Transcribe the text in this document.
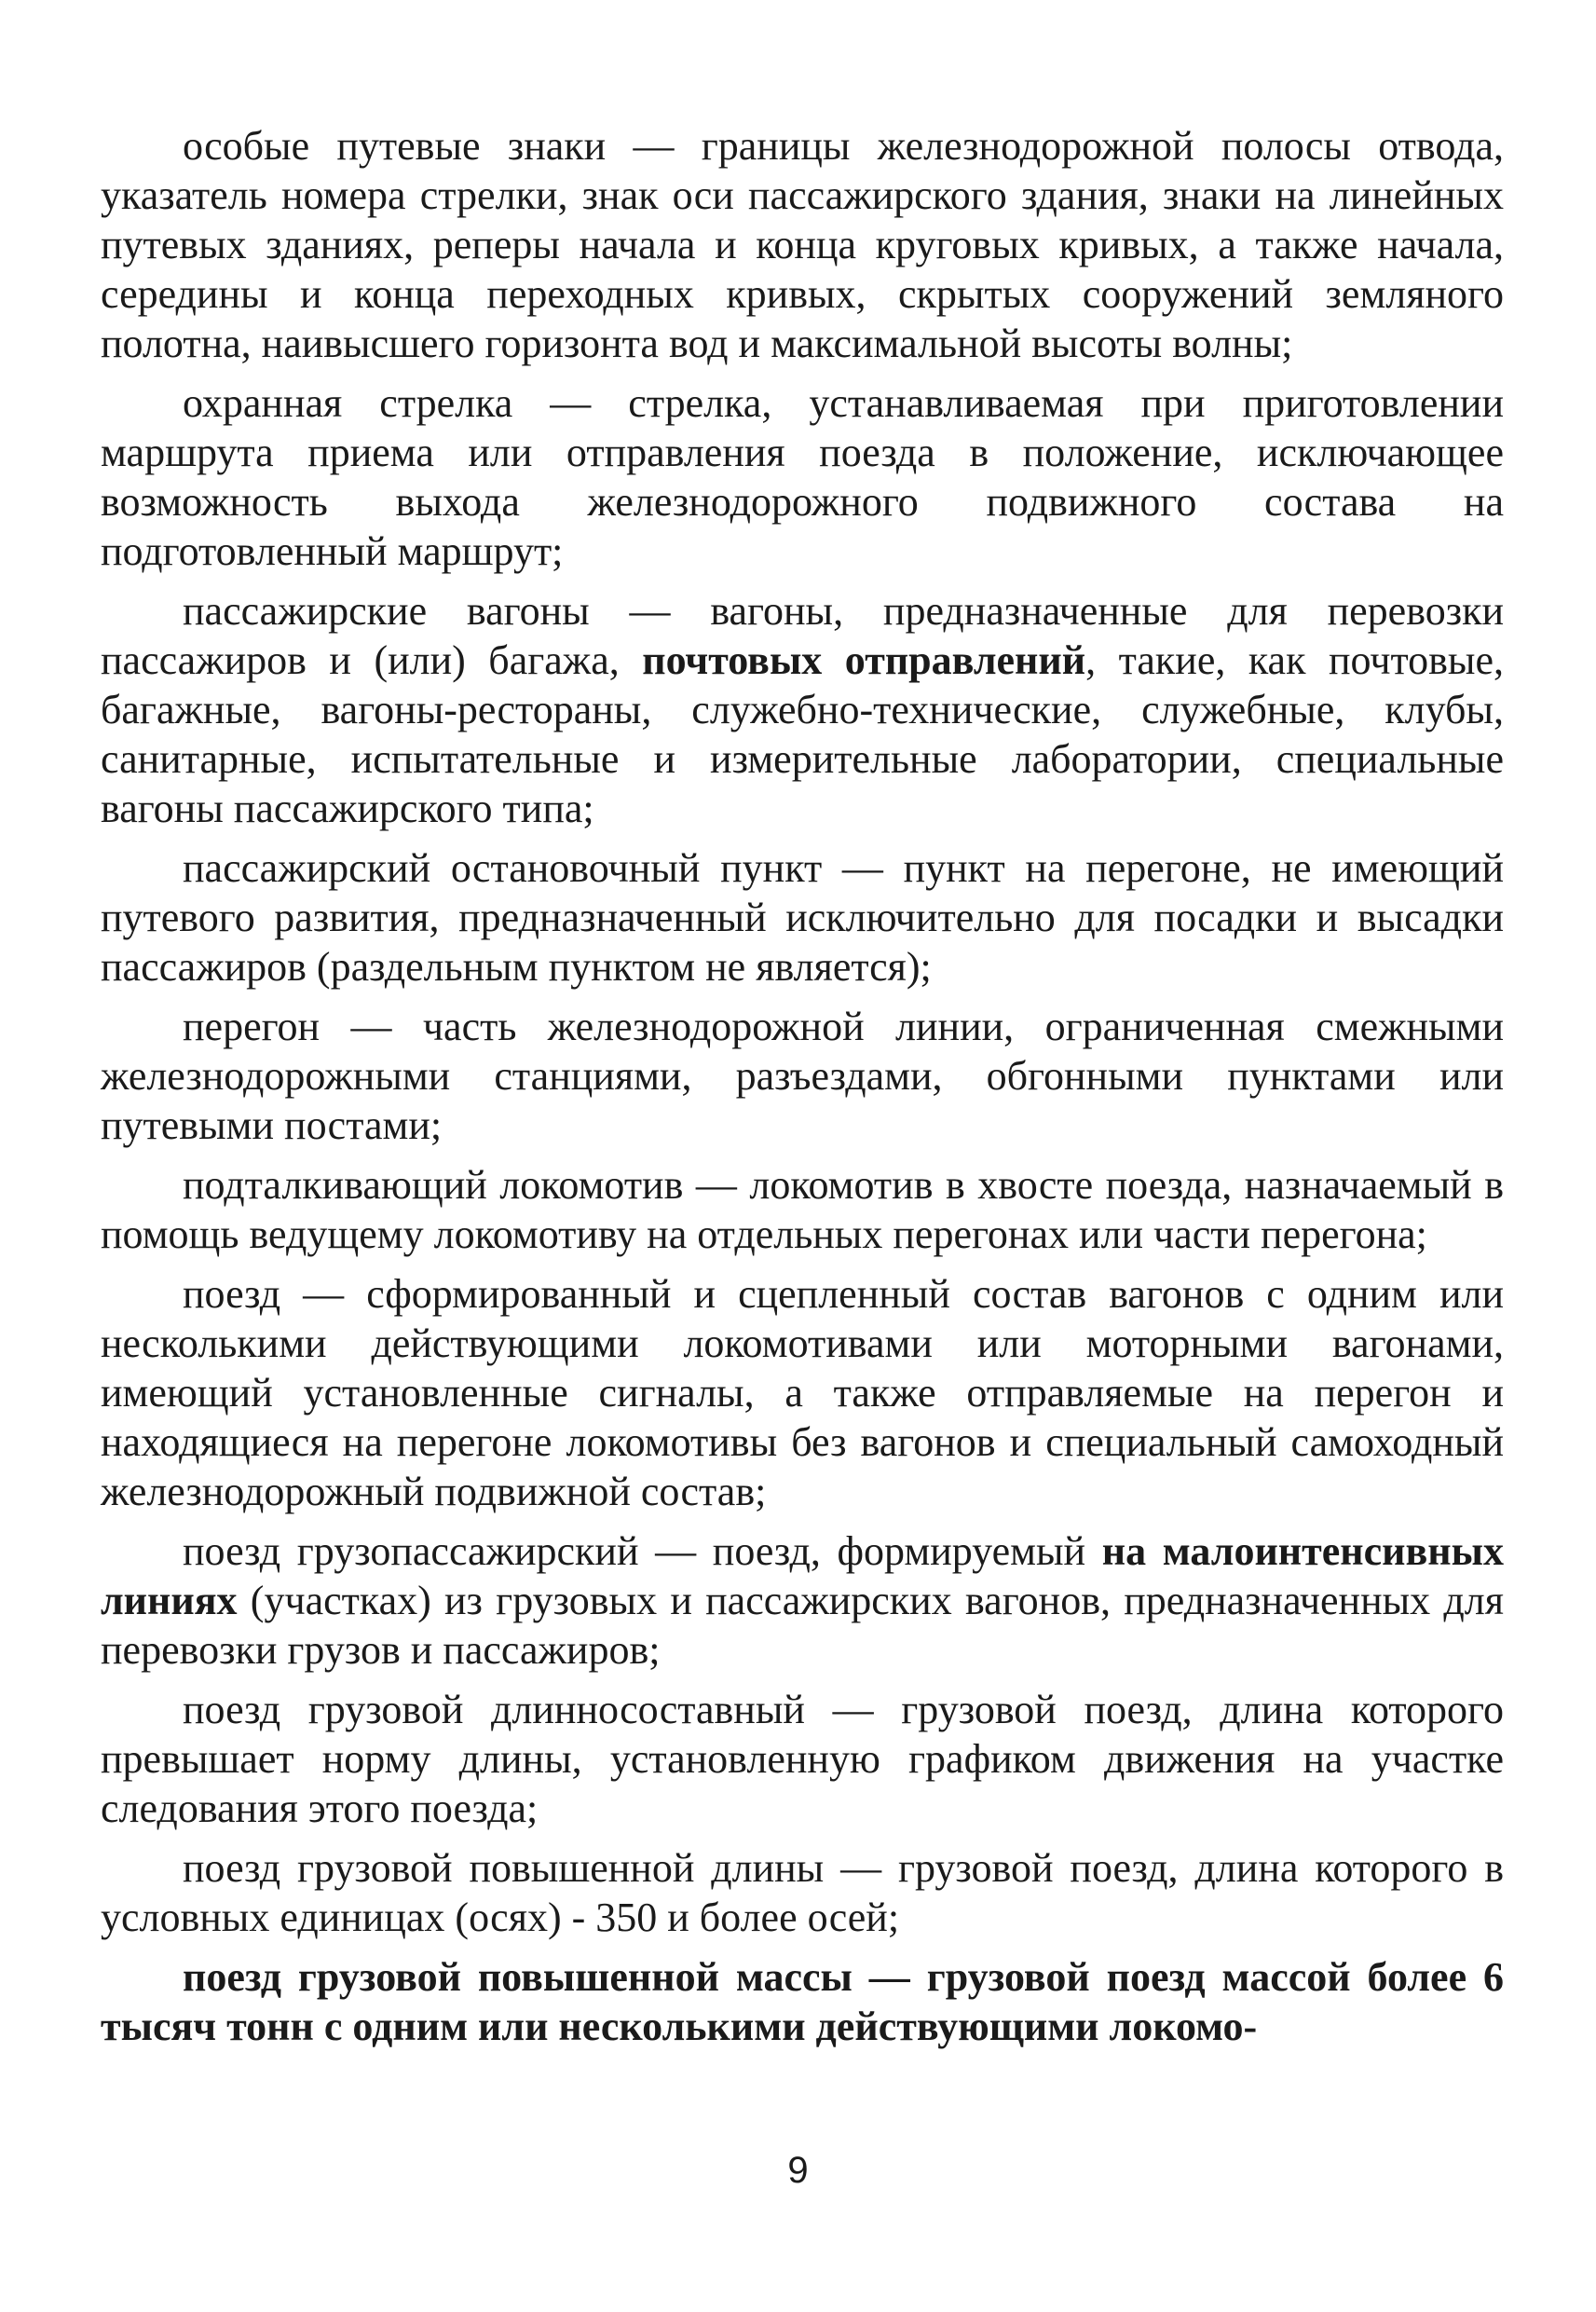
особые путевые знаки — границы железнодорожной полосы отвода, указатель номера стрелки, знак оси пассажирского здания, знаки на линейных путевых зданиях, реперы начала и конца круговых кривых, а также начала, середины и конца переходных кривых, скрытых сооружений земляного полотна, наивысшего горизонта вод и максимальной высоты волны;

охранная стрелка — стрелка, устанавливаемая при приготовлении маршрута приема или отправления поезда в положение, исключающее возможность выхода железнодорожного подвижного состава на подготовленный маршрут;

пассажирские вагоны — вагоны, предназначенные для перевозки пассажиров и (или) багажа, почтовых отправлений, такие, как почтовые, багажные, вагоны-рестораны, служебно-технические, служебные, клубы, санитарные, испытательные и измерительные лаборатории, специальные вагоны пассажирского типа;

пассажирский остановочный пункт — пункт на перегоне, не имеющий путевого развития, предназначенный исключительно для посадки и высадки пассажиров (раздельным пунктом не является);

перегон — часть железнодорожной линии, ограниченная смежными железнодорожными станциями, разъездами, обгонными пунктами или путевыми постами;

подталкивающий локомотив — локомотив в хвосте поезда, назначаемый в помощь ведущему локомотиву на отдельных перегонах или части перегона;

поезд — сформированный и сцепленный состав вагонов с одним или несколькими действующими локомотивами или моторными вагонами, имеющий установленные сигналы, а также отправляемые на перегон и находящиеся на перегоне локомотивы без вагонов и специальный самоходный железнодорожный подвижной состав;

поезд грузопассажирский — поезд, формируемый на малоинтенсивных линиях (участках) из грузовых и пассажирских вагонов, предназначенных для перевозки грузов и пассажиров;

поезд грузовой длинносоставный — грузовой поезд, длина которого превышает норму длины, установленную графиком движения на участке следования этого поезда;

поезд грузовой повышенной длины — грузовой поезд, длина которого в условных единицах (осях) - 350 и более осей;

поезд грузовой повышенной массы — грузовой поезд массой более 6 тысяч тонн с одним или несколькими действующими локомо-

9
